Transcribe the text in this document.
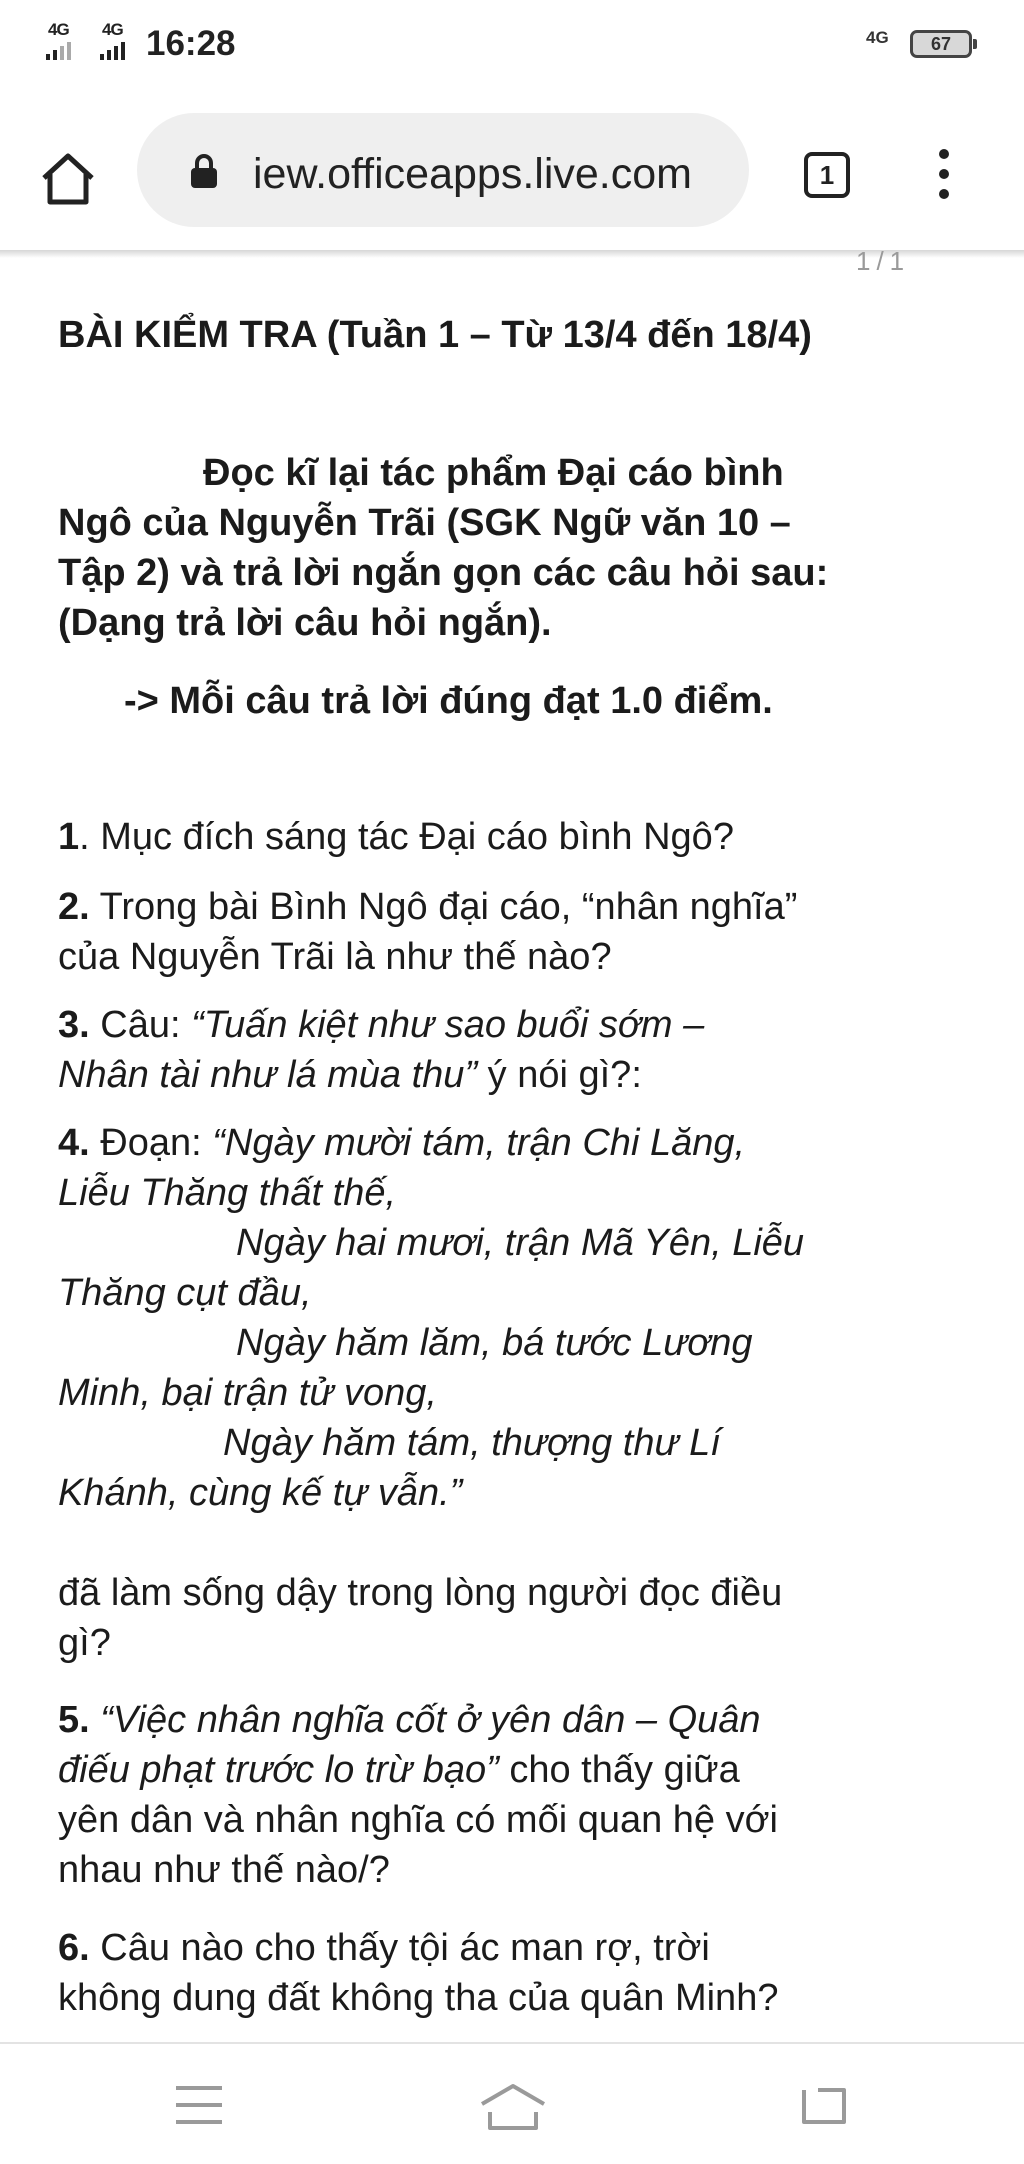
4G 4G 16:28	4G	67
iew.officeapps.live.com	1
1/1
BÀI KIỂM TRA (Tuần 1 – Từ 13/4 đến 18/4)
Đọc kĩ lại tác phẩm Đại cáo bình
Ngô của Nguyễn Trãi (SGK Ngữ văn 10 –
Tập 2) và trả lời ngắn gọn các câu hỏi sau:
(Dạng trả lời câu hỏi ngắn).
-> Mỗi câu trả lời đúng đạt 1.0 điểm.
1. Mục đích sáng tác Đại cáo bình Ngô?
2. Trong bài Bình Ngô đại cáo, “nhân nghĩa”
của Nguyễn Trãi là như thế nào?
3. Câu: “Tuấn kiệt như sao buổi sớm –
Nhân tài như lá mùa thu” ý nói gì?:
4. Đoạn: “Ngày mười tám, trận Chi Lăng,
Liễu Thăng thất thế,
Ngày hai mươi, trận Mã Yên, Liễu
Thăng cụt đầu,
Ngày hăm lăm, bá tước Lương
Minh, bại trận tử vong,
Ngày hăm tám, thượng thư Lí
Khánh, cùng kế tự vẫn.”
đã làm sống dậy trong lòng người đọc điều
gì?
5. “Việc nhân nghĩa cốt ở yên dân – Quân
điếu phạt trước lo trừ bạo” cho thấy giữa
yên dân và nhân nghĩa có mối quan hệ với
nhau như thế nào/?
6. Câu nào cho thấy tội ác man rợ, trời
không dung đất không tha của quân Minh?
